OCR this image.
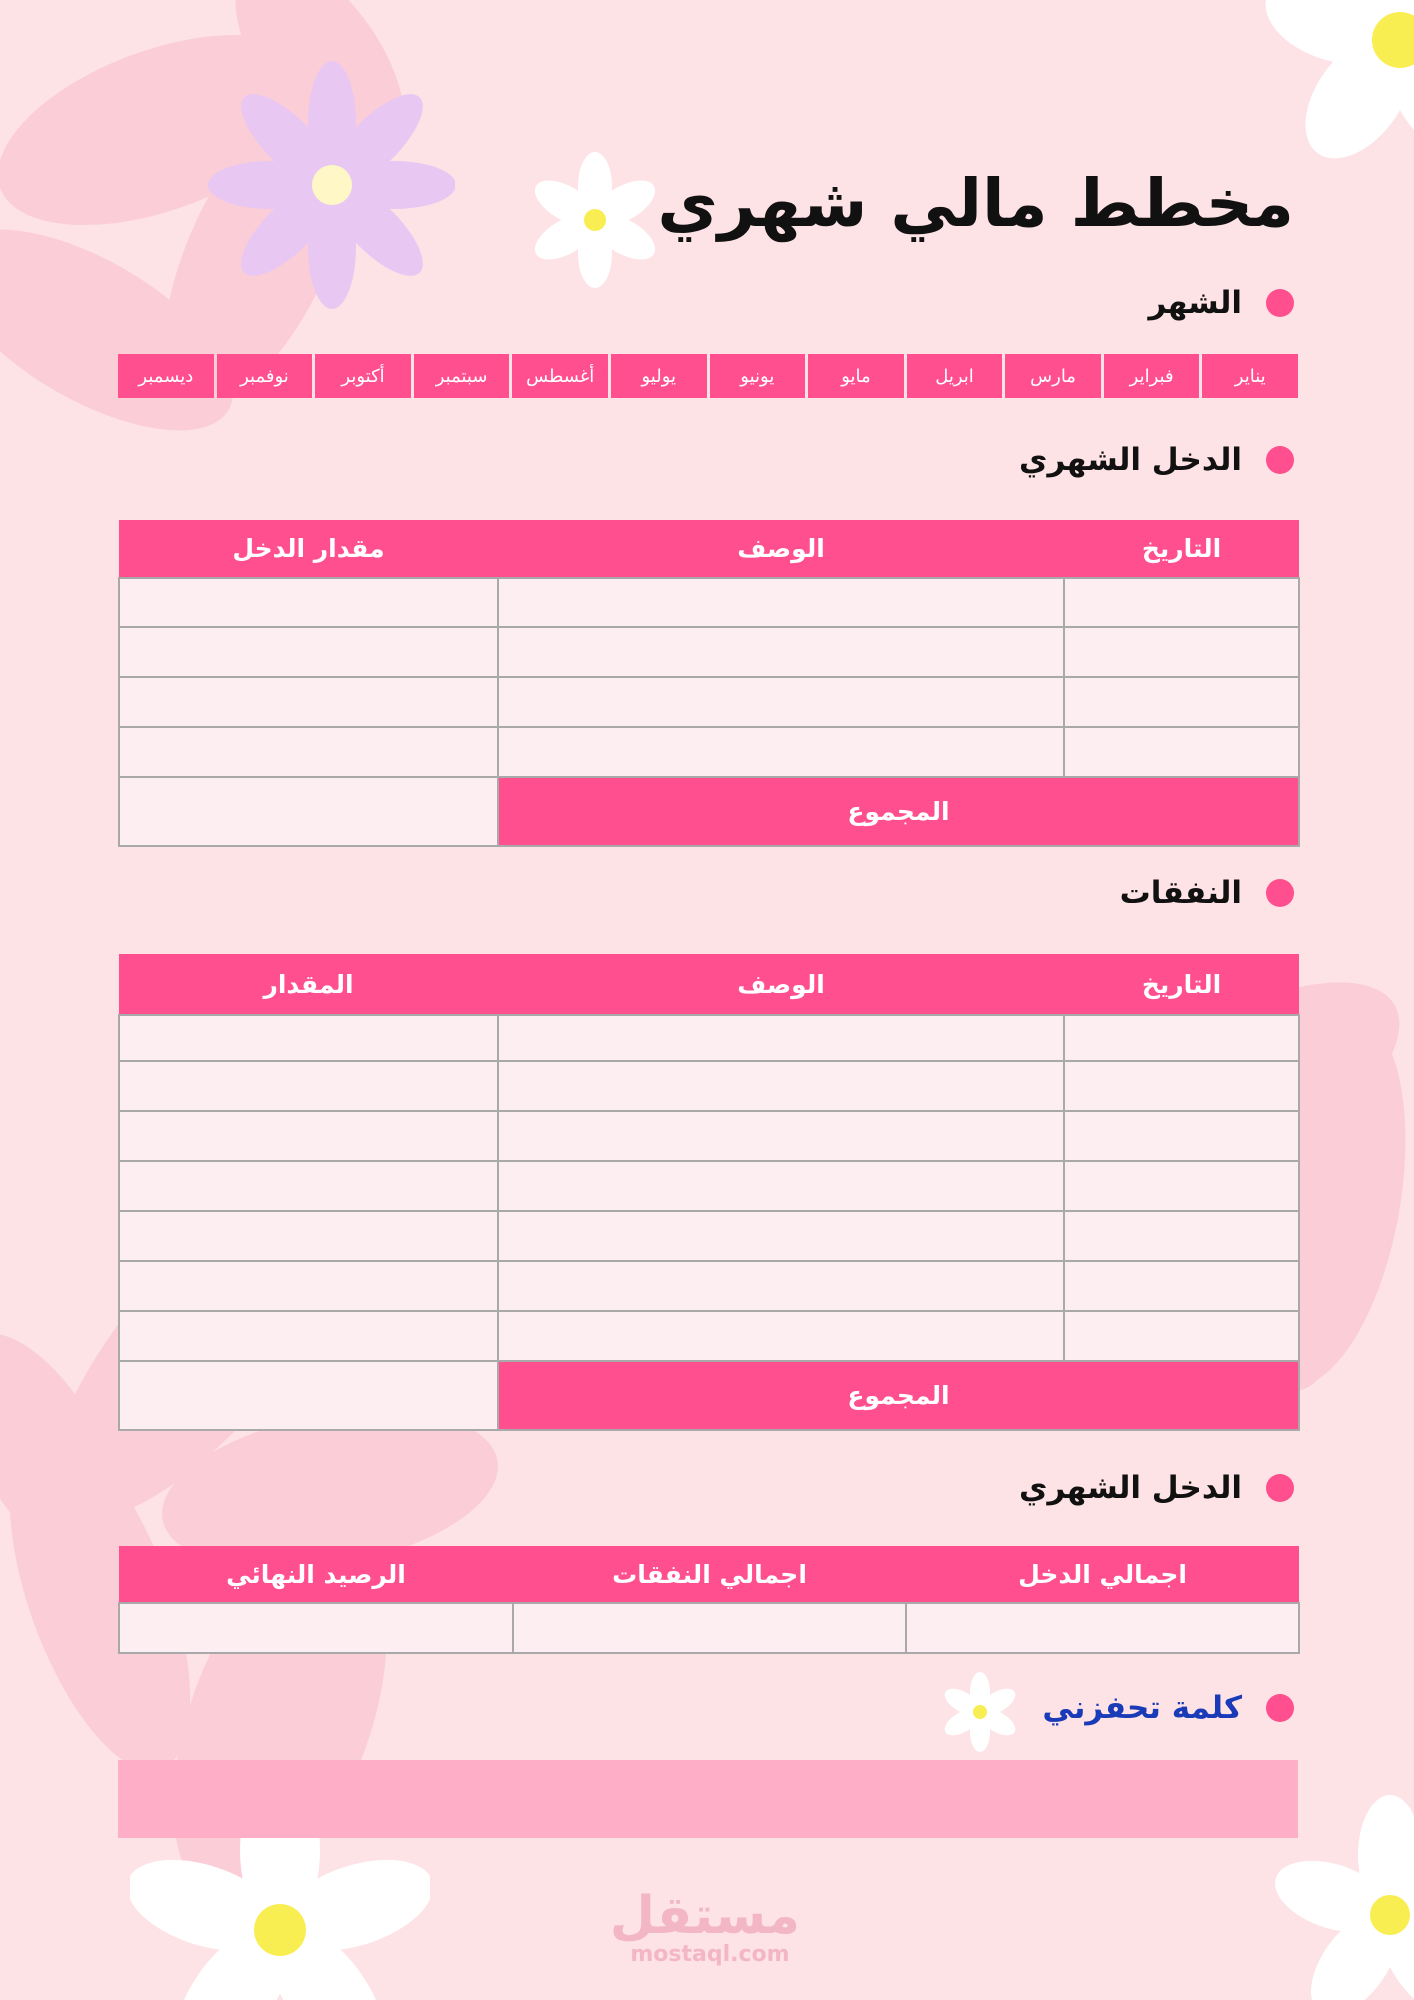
مخطط مالي شهري
الشهر
يناير
فبراير
مارس
ابريل
مايو
يونيو
يوليو
أغسطس
سبتمبر
أكتوبر
نوفمبر
ديسمبر
الدخل الشهري
التاريخ	الوصف	مقدار الدخل

المجموع		
النفقات
التاريخ	الوصف	المقدار

المجموع		
الدخل الشهري
اجمالي الدخل	اجمالي النفقات	الرصيد النهائي

كلمة تحفزني
مستقل
mostaql.com
